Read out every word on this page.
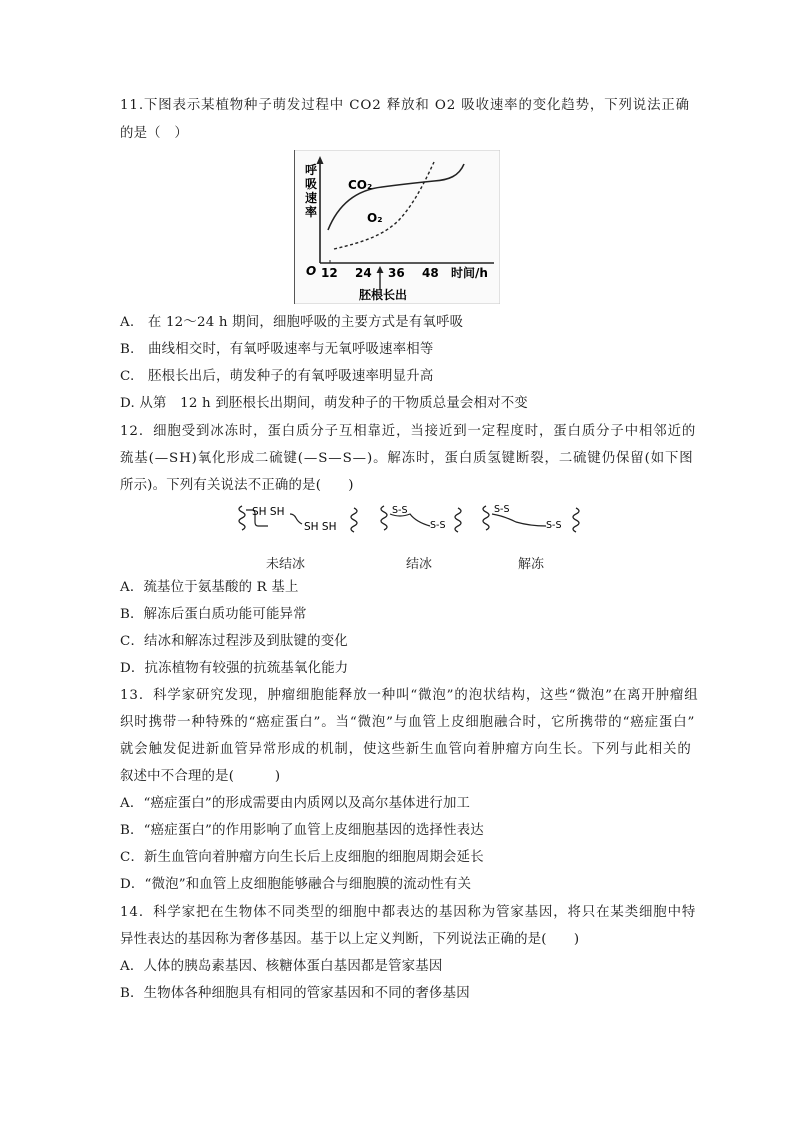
11.下图表示某植物种子萌发过程中 CO2 释放和 O2 吸收速率的变化趋势，下列说法正确
的是（　）
呼
吸
速
率
CO₂
O₂
O 12 24 36 48 时间/h
胚根长出
A.　在 12～24 h 期间，细胞呼吸的主要方式是有氧呼吸
B.　曲线相交时，有氧呼吸速率与无氧呼吸速率相等
C.　胚根长出后，萌发种子的有氧呼吸速率明显升高
D. 从第　12 h 到胚根长出期间，萌发种子的干物质总量会相对不变
12．细胞受到冰冻时，蛋白质分子互相靠近，当接近到一定程度时，蛋白质分子中相邻近的
巯基(—SH)氧化形成二硫键(—S—S—)。解冻时，蛋白质氢键断裂，二硫键仍保留(如下图
所示)。下列有关说法不正确的是(　　)
SH SH
SH SH
S-S
S-S
S-S
S-S
未结冰	结冰	解冻
A．巯基位于氨基酸的 R 基上
B．解冻后蛋白质功能可能异常
C．结冰和解冻过程涉及到肽键的变化
D．抗冻植物有较强的抗巯基氧化能力
13．科学家研究发现，肿瘤细胞能释放一种叫“微泡”的泡状结构，这些“微泡”在离开肿瘤组
织时携带一种特殊的“癌症蛋白”。当“微泡”与血管上皮细胞融合时，它所携带的“癌症蛋白”
就会触发促进新血管异常形成的机制，使这些新生血管向着肿瘤方向生长。下列与此相关的
叙述中不合理的是(　　　)
A．“癌症蛋白”的形成需要由内质网以及高尔基体进行加工
B．“癌症蛋白”的作用影响了血管上皮细胞基因的选择性表达
C．新生血管向着肿瘤方向生长后上皮细胞的细胞周期会延长
D．“微泡”和血管上皮细胞能够融合与细胞膜的流动性有关
14．科学家把在生物体不同类型的细胞中都表达的基因称为管家基因，将只在某类细胞中特
异性表达的基因称为奢侈基因。基于以上定义判断，下列说法正确的是(　　)
A．人体的胰岛素基因、核糖体蛋白基因都是管家基因
B．生物体各种细胞具有相同的管家基因和不同的奢侈基因
